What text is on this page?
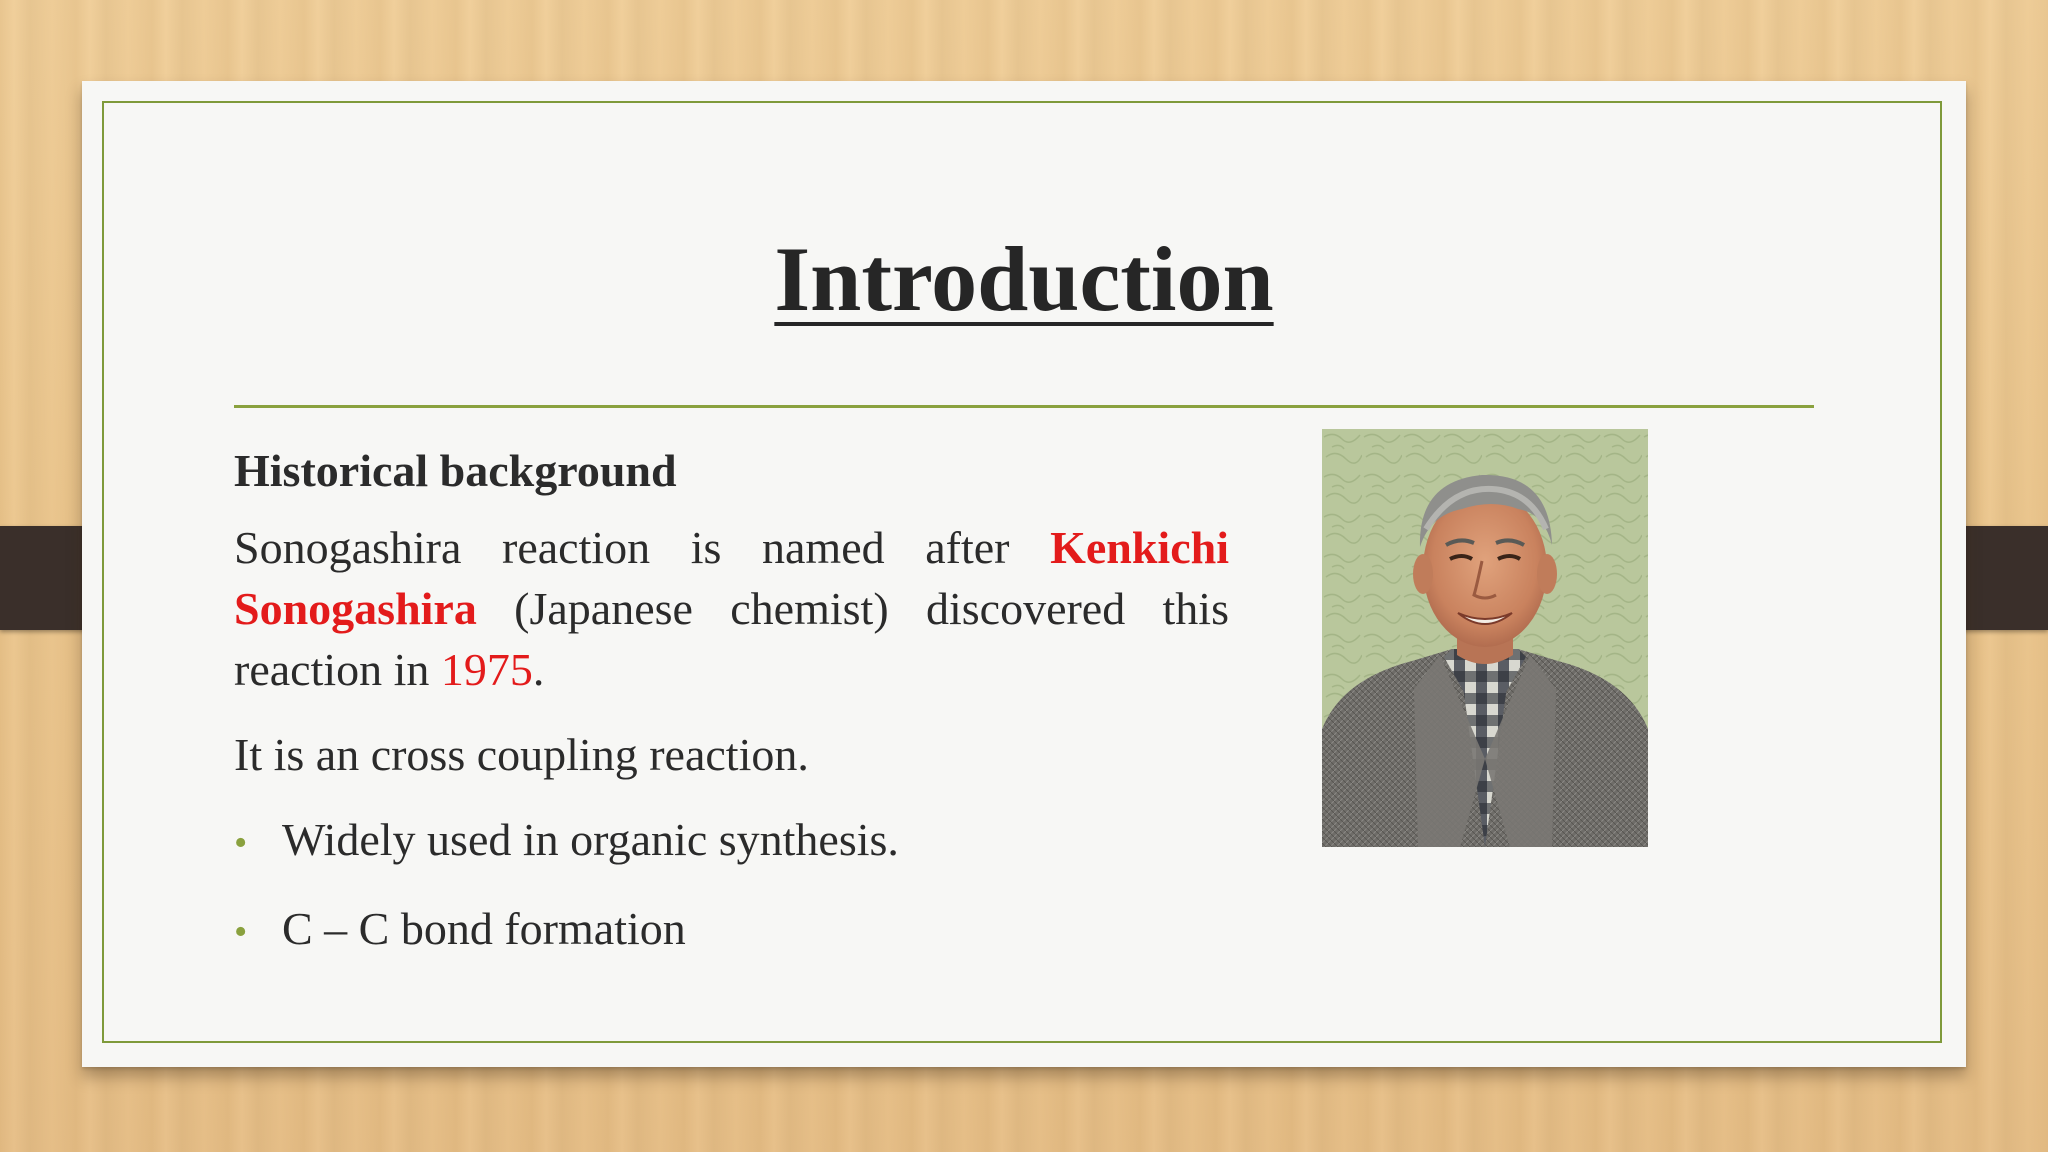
Introduction
Historical background

Sonogashira reaction is named after Kenkichi Sonogashira (Japanese chemist) discovered this reaction in 1975.

It is an cross coupling reaction.

• Widely used in organic synthesis.
• C – C bond formation
